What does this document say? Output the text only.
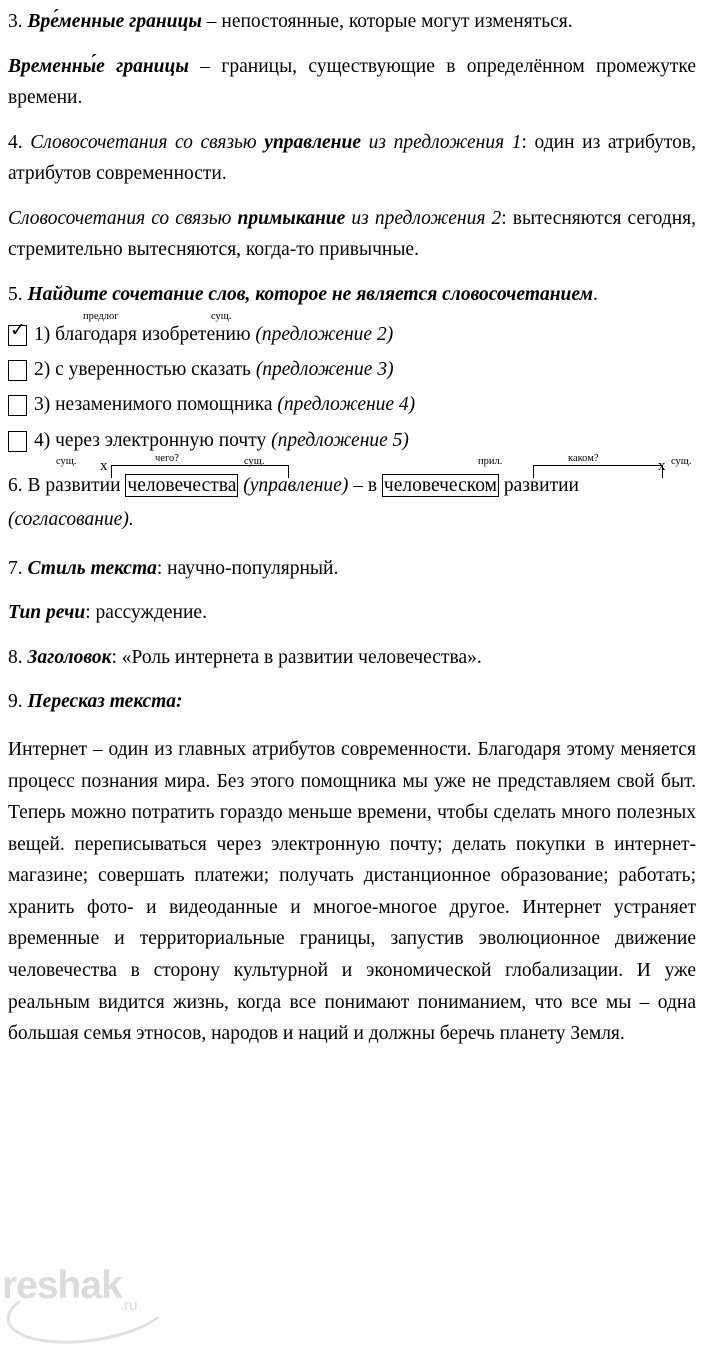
3. Вре́менные границы – непостоянные, которые могут изменяться.

Временны́е границы – границы, существующие в определённом промежутке времени.

4. Словосочетания со связью управление из предложения 1: один из атрибутов, атрибутов современности.

Словосочетания со связью примыкание из предложения 2: вытесняются сегодня, стремительно вытесняются, когда-то привычные.

5. Найдите сочетание слов, которое не является словосочетанием.

предлог	сущ.
✓
1) благодаря изобретению (предложение 2)
2) с уверенностью сказать (предложение 3)
3) незаменимого помощника (предложение 4)
4) через электронную почту (предложение 5)
сущ. х	чего?	сущ.	прил.	каком?	х сущ.

6. В развитии человечества (управление) – в человеческом развитии

(согласование).

7. Стиль текста: научно-популярный.

Тип речи: рассуждение.

8. Заголовок: «Роль интернета в развитии человечества».

9. Пересказ текста:

Интернет – один из главных атрибутов современности. Благодаря этому меняется процесс познания мира. Без этого помощника мы уже не представляем свой быт. Теперь можно потратить гораздо меньше времени, чтобы сделать много полезных вещей. переписываться через электронную почту; делать покупки в интернет-магазине; совершать платежи; получать дистанционное образование; работать; хранить фото- и видеоданные и многое-многое другое. Интернет устраняет временные и территориальные границы, запустив эволюционное движение человечества в сторону культурной и экономической глобализации. И уже реальным видится жизнь, когда все понимают пониманием, что все мы – одна большая семья этносов, народов и наций и должны беречь планету Земля.

reshak
.ru
